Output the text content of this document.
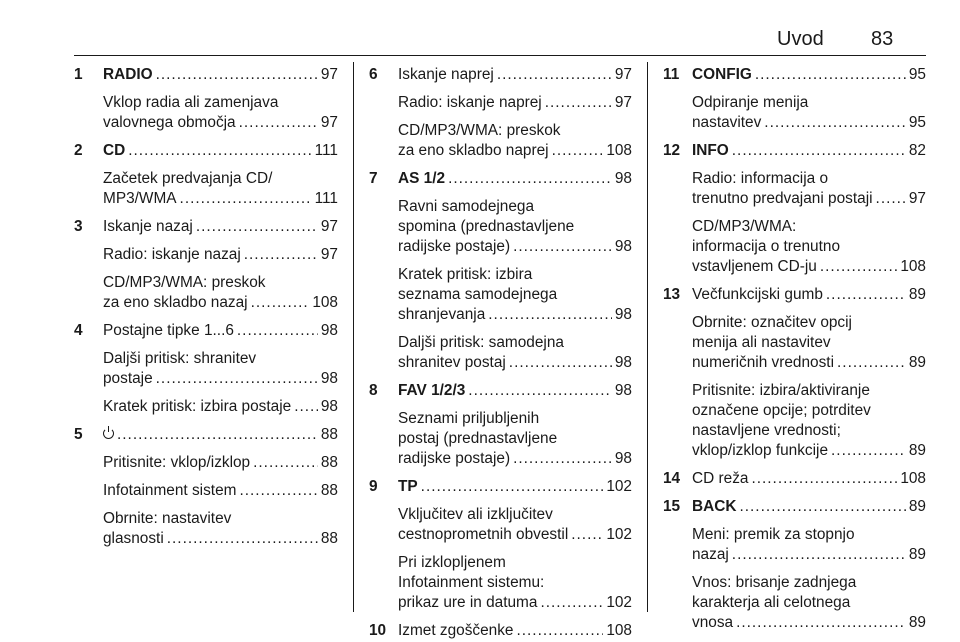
Uvod 83
1 RADIO .....	97
Vklop radia ali zamenjava
valovnega območja .....	97
2 CD .....	111
Začetek predvajanja CD/
MP3/WMA .....	111
3 Iskanje nazaj .....	97
Radio: iskanje nazaj .....	97
CD/MP3/WMA: preskok
za eno skladbo nazaj .....	108
4 Postajne tipke 1...6 .....	98
Daljši pritisk: shranitev
postaje .....	98
Kratek pritisk: izbira postaje ..... 98
5 .....	88
Pritisnite: vklop/izklop .....	88
Infotainment sistem .....	88
Obrnite: nastavitev
glasnosti .....	88
6 Iskanje naprej .....	97
Radio: iskanje naprej .....	97
CD/MP3/WMA: preskok
za eno skladbo naprej .....	108
7 AS 1/2 .....	98
Ravni samodejnega
spomina (prednastavljene
radijske postaje) .....	98
Kratek pritisk: izbira
seznama samodejnega
shranjevanja .....	98
Daljši pritisk: samodejna
shranitev postaj .....	98
8 FAV 1/2/3 .....	98
Seznami priljubljenih
postaj (prednastavljene
radijske postaje) .....	98
9 TP .....	102
Vključitev ali izključitev
cestnoprometnih obvestil ..... 102
Pri izklopljenem
Infotainment sistemu:
prikaz ure in datuma .....	102
10 Izmet zgoščenke .....	108
11 CONFIG .....	95
Odpiranje menija
nastavitev .....	95
12 INFO .....	82
Radio: informacija o
trenutno predvajani postaji ..... 97
CD/MP3/WMA:
informacija o trenutno
vstavljenem CD-ju .....	108
13 Večfunkcijski gumb .....	89
Obrnite: označitev opcij
menija ali nastavitev
numeričnih vrednosti .....	89
Pritisnite: izbira/aktiviranje
označene opcije; potrditev
nastavljene vrednosti;
vklop/izklop funkcije .....	89
14 CD reža .....	108
15 BACK .....	89
Meni: premik za stopnjo
nazaj .....	89
Vnos: brisanje zadnjega
karakterja ali celotnega
vnosa .....	89
